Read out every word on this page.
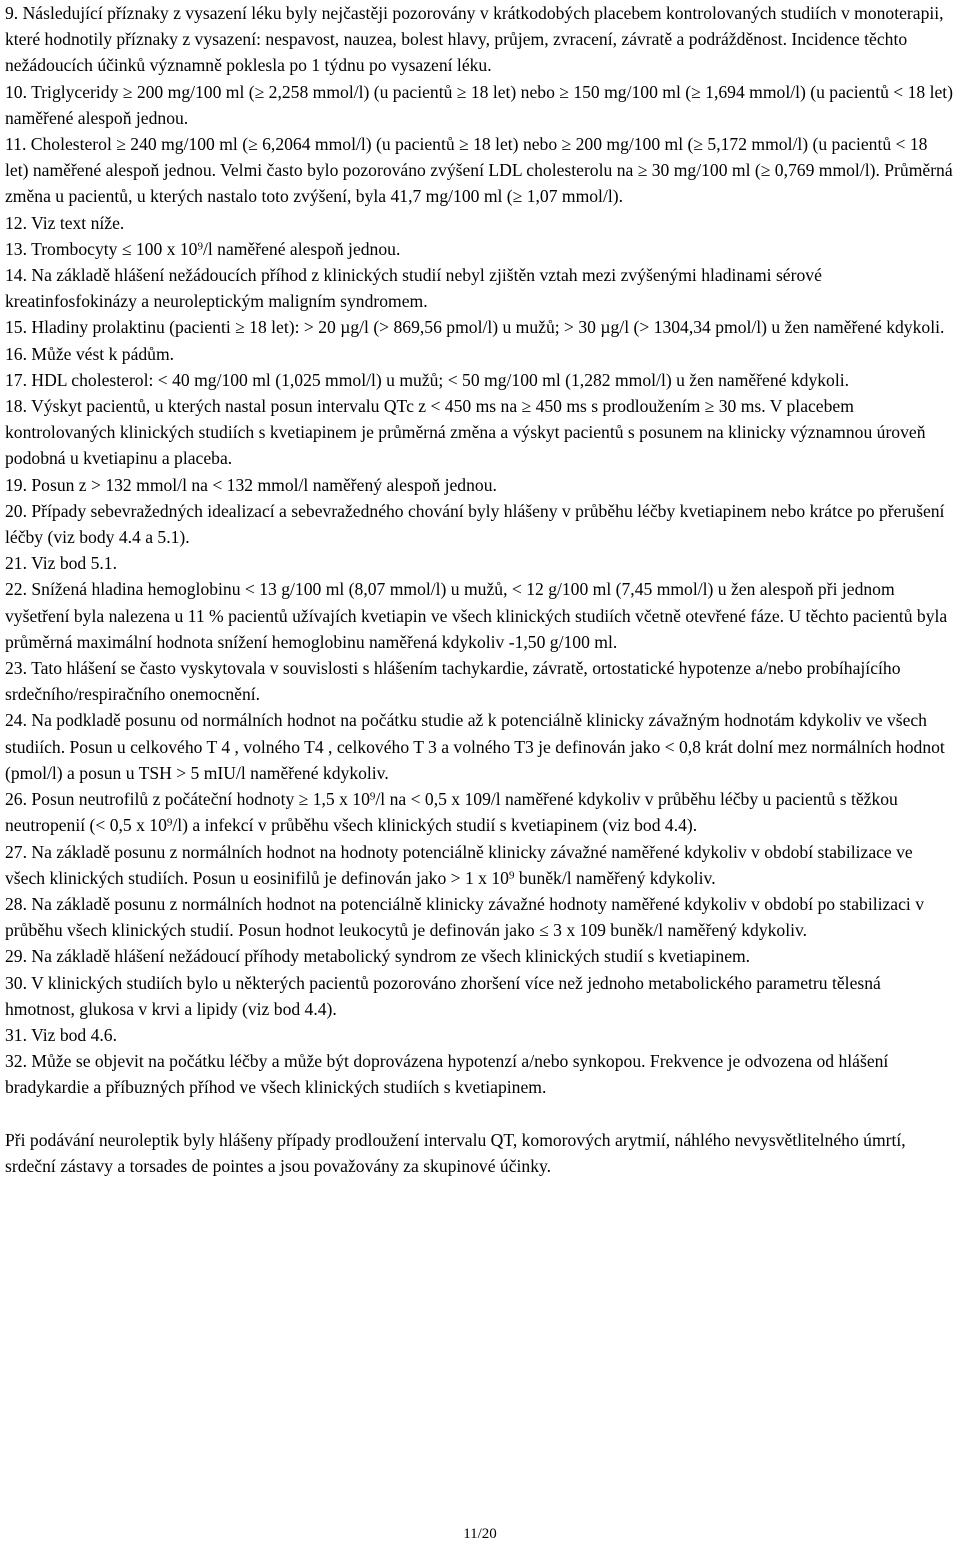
9. Následující příznaky z vysazení léku byly nejčastěji pozorovány v krátkodobých placebem kontrolovaných studiích v monoterapii, které hodnotily příznaky z vysazení: nespavost, nauzea, bolest hlavy, průjem, zvracení, závratě a podrážděnost. Incidence těchto nežádoucích účinků významně poklesla po 1 týdnu po vysazení léku.

10. Triglyceridy ≥ 200 mg/100 ml (≥ 2,258 mmol/l) (u pacientů ≥ 18 let) nebo ≥ 150 mg/100 ml (≥ 1,694 mmol/l) (u pacientů < 18 let) naměřené alespoň jednou.

11. Cholesterol ≥ 240 mg/100 ml (≥ 6,2064 mmol/l) (u pacientů ≥ 18 let) nebo ≥ 200 mg/100 ml (≥ 5,172 mmol/l) (u pacientů < 18 let) naměřené alespoň jednou. Velmi často bylo pozorováno zvýšení LDL cholesterolu na ≥ 30 mg/100 ml (≥ 0,769 mmol/l). Průměrná změna u pacientů, u kterých nastalo toto zvýšení, byla 41,7 mg/100 ml (≥ 1,07 mmol/l).

12. Viz text níže.

13. Trombocyty ≤ 100 x $10^9/l$ naměřené alespoň jednou.

14. Na základě hlášení nežádoucích příhod z klinických studií nebyl zjištěn vztah mezi zvýšenými hladinami sérové kreatinfosfokinázy a neuroleptickým maligním syndromem.

15. Hladiny prolaktinu (pacienti ≥ 18 let): > 20 µg/l (> 869,56 pmol/l) u mužů; > 30 µg/l (> 1304,34 pmol/l) u žen naměřené kdykoli.

16. Může vést k pádům.

17. HDL cholesterol: < 40 mg/100 ml (1,025 mmol/l) u mužů; < 50 mg/100 ml (1,282 mmol/l) u žen naměřené kdykoli.

18. Výskyt pacientů, u kterých nastal posun intervalu QTc z < 450 ms na ≥ 450 ms s prodloužením ≥ 30 ms. V placebem kontrolovaných klinických studiích s kvetiapinem je průměrná změna a výskyt pacientů s posunem na klinicky významnou úroveň podobná u kvetiapinu a placeba.

19. Posun z > 132 mmol/l na < 132 mmol/l naměřený alespoň jednou.

20. Případy sebevražedných idealizací a sebevražedného chování byly hlášeny v průběhu léčby kvetiapinem nebo krátce po přerušení léčby (viz body 4.4 a 5.1).

21. Viz bod 5.1.

22. Snížená hladina hemoglobinu < 13 g/100 ml (8,07 mmol/l) u mužů, < 12 g/100 ml (7,45 mmol/l) u žen alespoň při jednom vyšetření byla nalezena u 11 % pacientů užívajích kvetiapin ve všech klinických studiích včetně otevřené fáze. U těchto pacientů byla průměrná maximální hodnota snížení hemoglobinu naměřená kdykoliv -1,50 g/100 ml.

23. Tato hlášení se často vyskytovala v souvislosti s hlášením tachykardie, závratě, ortostatické hypotenze a/nebo probíhajícího srdečního/respiračního onemocnění.

24. Na podkladě posunu od normálních hodnot na počátku studie až k potenciálně klinicky závažným hodnotám kdykoliv ve všech studiích. Posun u celkového T 4 , volného T4 , celkového T 3 a volného T3 je definován jako < 0,8 krát dolní mez normálních hodnot (pmol/l) a posun u TSH > 5 mIU/l naměřené kdykoliv.

26. Posun neutrofilů z počáteční hodnoty ≥ 1,5 x $10^9/l$ na < 0,5 x 109/l naměřené kdykoliv v průběhu léčby u pacientů s těžkou neutropenií (< 0,5 x $10^9/l$) a infekcí v průběhu všech klinických studií s kvetiapinem (viz bod 4.4).

27. Na základě posunu z normálních hodnot na hodnoty potenciálně klinicky závažné naměřené kdykoliv v období stabilizace ve všech klinických studiích. Posun u eosinifilů je definován jako > 1 x $10^9$ buněk/l naměřený kdykoliv.

28. Na základě posunu z normálních hodnot na potenciálně klinicky závažné hodnoty naměřené kdykoliv v období po stabilizaci v průběhu všech klinických studií. Posun hodnot leukocytů je definován jako ≤ 3 x 109 buněk/l naměřený kdykoliv.

29. Na základě hlášení nežádoucí příhody metabolický syndrom ze všech klinických studií s kvetiapinem.

30. V klinických studiích bylo u některých pacientů pozorováno zhoršení více než jednoho metabolického parametru tělesná hmotnost, glukosa v krvi a lipidy (viz bod 4.4).

31. Viz bod 4.6.

32. Může se objevit na počátku léčby a může být doprovázena hypotenzí a/nebo synkopou. Frekvence je odvozena od hlášení bradykardie a příbuzných příhod ve všech klinických studiích s kvetiapinem.

Při podávání neuroleptik byly hlášeny případy prodloužení intervalu QT, komorových arytmií, náhlého nevysvětlitelného úmrtí, srdeční zástavy a torsades de pointes a jsou považovány za skupinové účinky.

11/20
